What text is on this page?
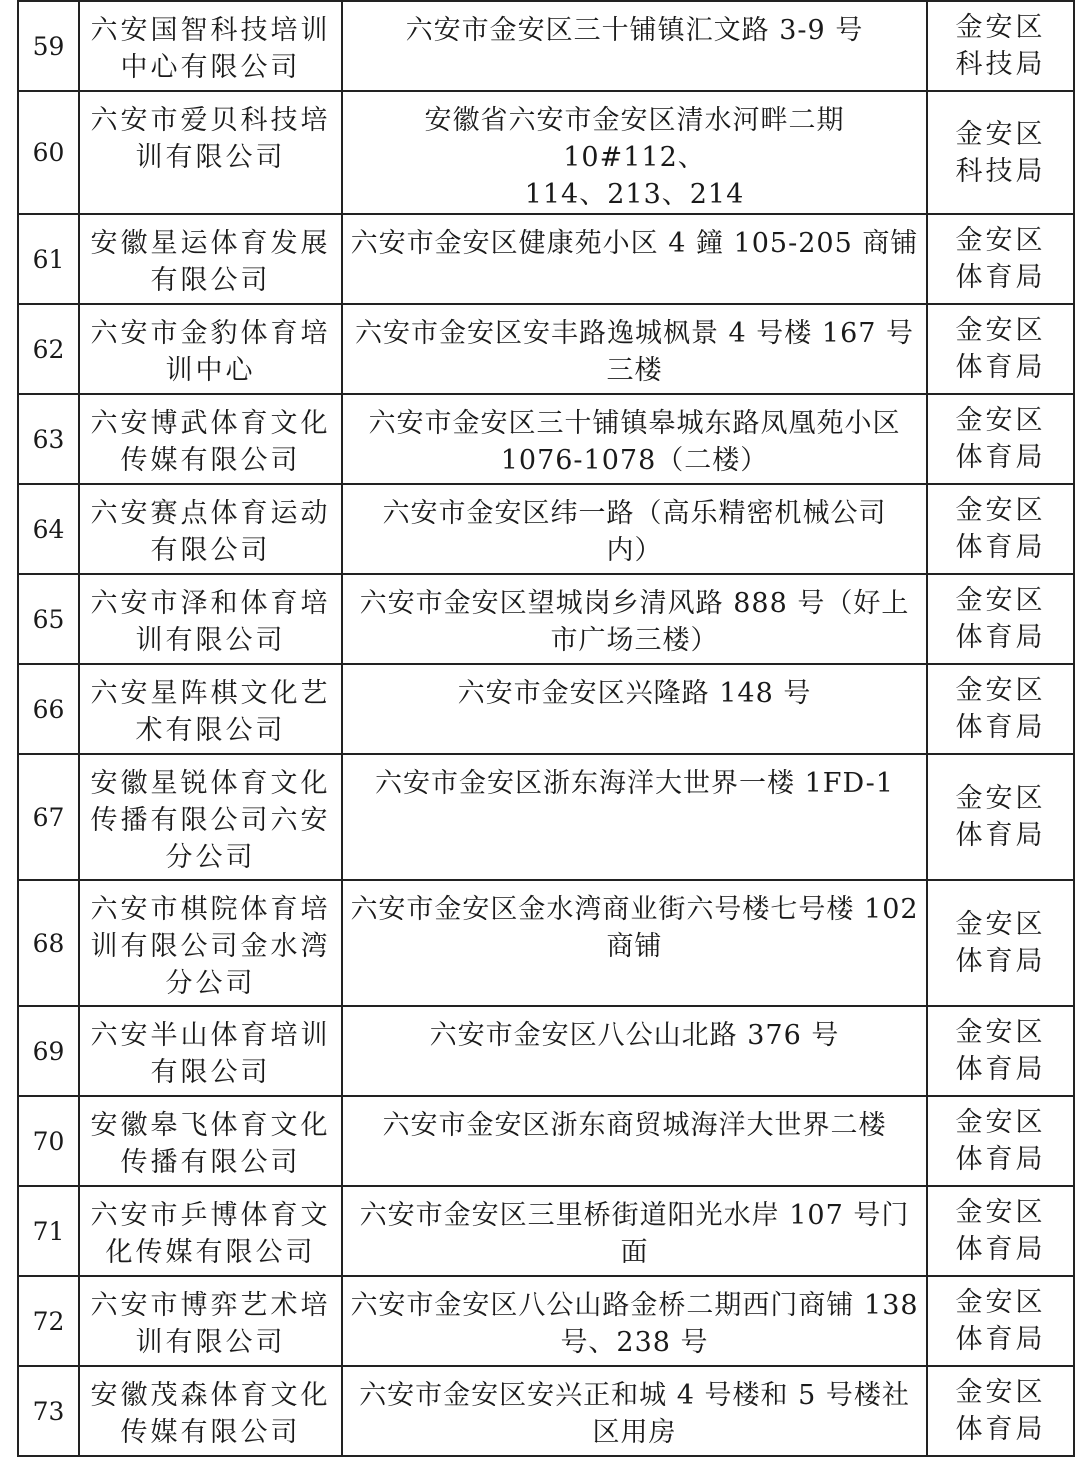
59	六安国智科技培训
中心有限公司	六安市金安区三十铺镇汇文路 3-9 号	金安区
科技局

60	六安市爱贝科技培
训有限公司	安徽省六安市金安区清水河畔二期 10#112、
114、213、214	金安区
科技局

61	安徽星运体育发展
有限公司	六安市金安区健康苑小区 4 鐘 105-205 商铺	金安区
体育局

62	六安市金豹体育培
训中心	六安市金安区安丰路逸城枫景 4 号楼 167 号
三楼	金安区
体育局

63	六安博武体育文化
传媒有限公司	六安市金安区三十铺镇皋城东路凤凰苑小区
1076-1078（二楼）	金安区
体育局

64	六安赛点体育运动
有限公司	六安市金安区纬一路（高乐精密机械公司
内）	金安区
体育局

65	六安市泽和体育培
训有限公司	六安市金安区望城岗乡清风路 888 号（好上
市广场三楼）	金安区
体育局

66	六安星阵棋文化艺
术有限公司	六安市金安区兴隆路 148 号	金安区
体育局

67	安徽星锐体育文化
传播有限公司六安
分公司	六安市金安区浙东海洋大世界一楼 1FD-1	金安区
体育局

68	六安市棋院体育培
训有限公司金水湾
分公司	六安市金安区金水湾商业街六号楼七号楼 102
商铺	金安区
体育局

69	六安半山体育培训
有限公司	六安市金安区八公山北路 376 号	金安区
体育局

70	安徽皋飞体育文化
传播有限公司	六安市金安区浙东商贸城海洋大世界二楼	金安区
体育局

71	六安市乒博体育文
化传媒有限公司	六安市金安区三里桥街道阳光水岸 107 号门
面	金安区
体育局

72	六安市博弈艺术培
训有限公司	六安市金安区八公山路金桥二期西门商铺 138
号、238 号	金安区
体育局

73	安徽茂森体育文化
传媒有限公司	六安市金安区安兴正和城 4 号楼和 5 号楼社
区用房	金安区
体育局
